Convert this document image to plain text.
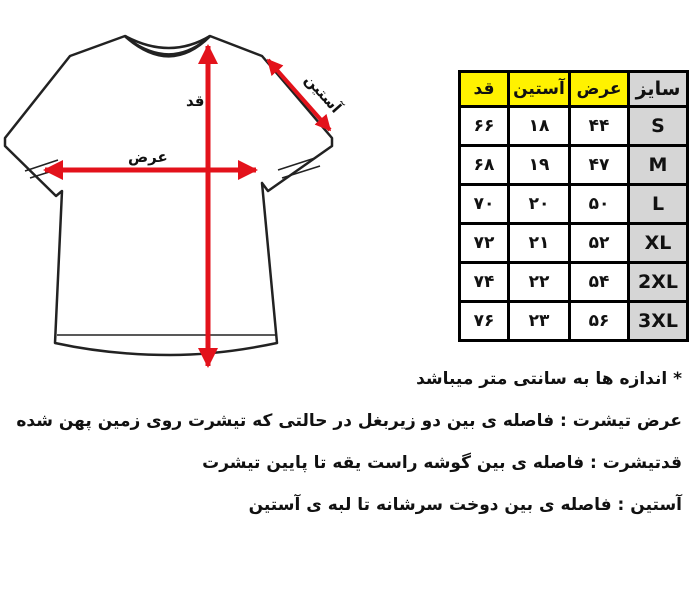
قد
عرض
آستین	سایز	عرض	آستین	قد
S	۴۴	۱۸	۶۶
M	۴۷	۱۹	۶۸
L	۵۰	۲۰	۷۰
XL	۵۲	۲۱	۷۲
2XL	۵۴	۲۲	۷۴
3XL	۵۶	۲۳	۷۶
* اندازه ها به سانتی متر میباشد
عرض تیشرت : فاصله ی بین دو زیربغل در حالتی که تیشرت روی زمین پهن شده
قدتیشرت : فاصله ی بین گوشه راست یقه تا پایین تیشرت
آستین : فاصله ی بین دوخت سرشانه تا لبه ی آستین
